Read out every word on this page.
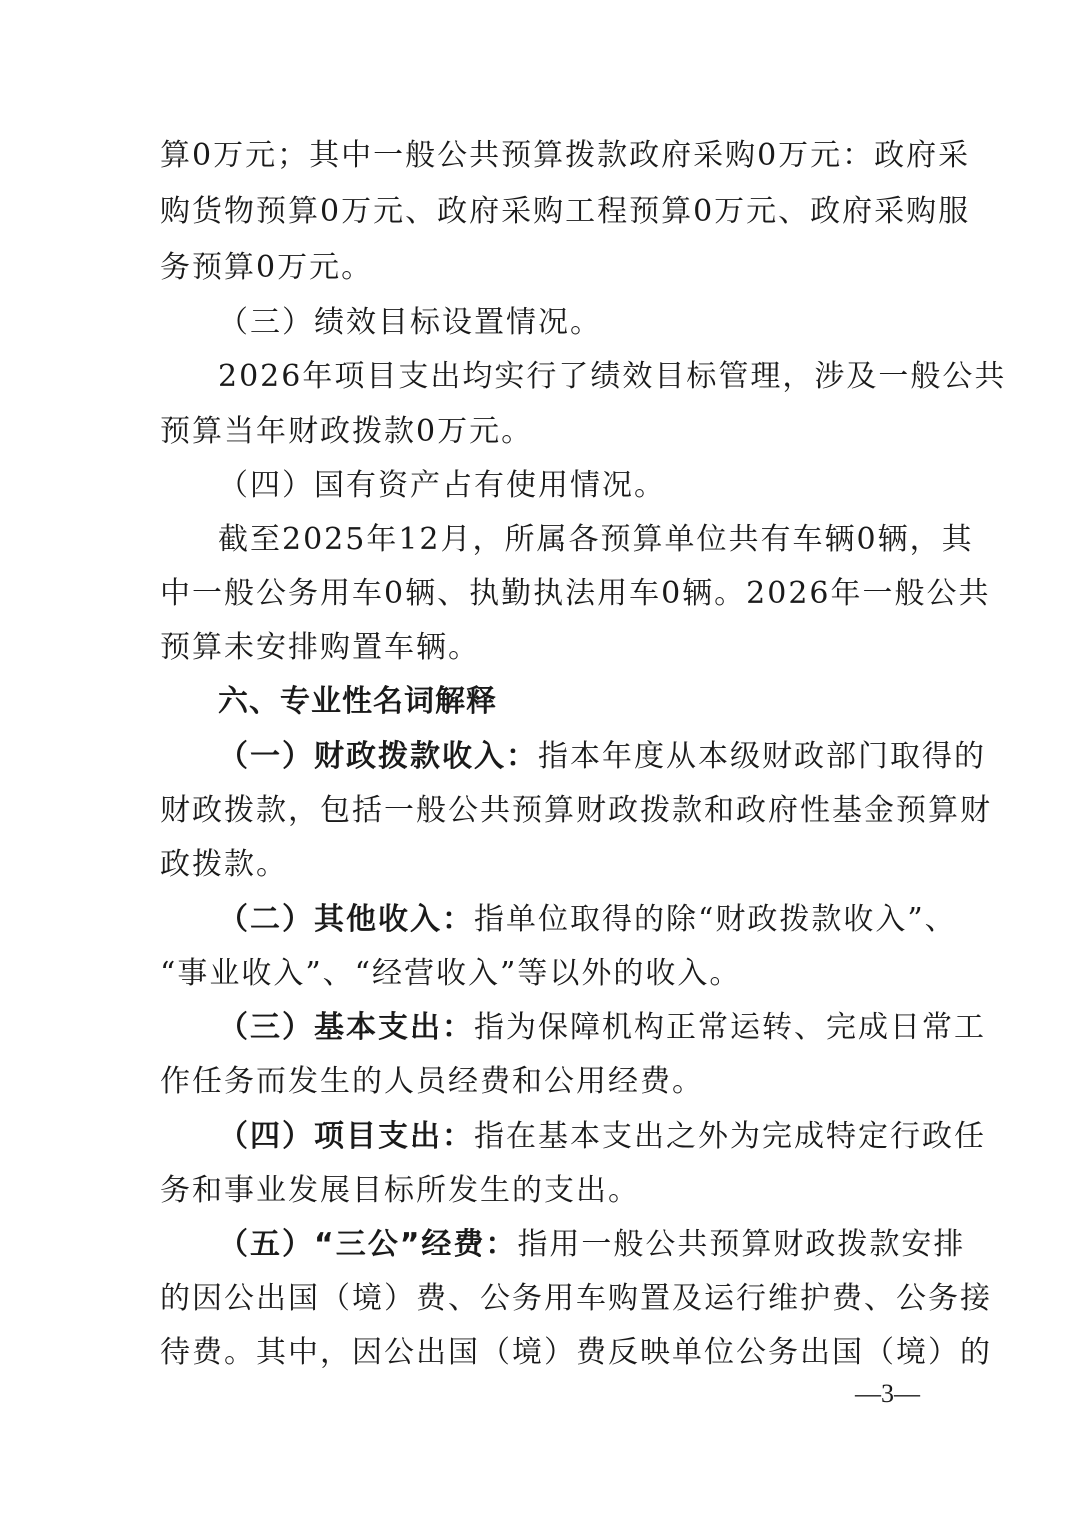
算0万元；其中一般公共预算拨款政府采购0万元：政府采
购货物预算0万元、政府采购工程预算0万元、政府采购服
务预算0万元。
（三）绩效目标设置情况。
2026年项目支出均实行了绩效目标管理，涉及一般公共
预算当年财政拨款0万元。
（四）国有资产占有使用情况。
截至2025年12月，所属各预算单位共有车辆0辆，其
中一般公务用车0辆、执勤执法用车0辆。2026年一般公共
预算未安排购置车辆。
六、专业性名词解释
（一）财政拨款收入：指本年度从本级财政部门取得的
财政拨款，包括一般公共预算财政拨款和政府性基金预算财
政拨款。
（二）其他收入：指单位取得的除“财政拨款收入”、
“事业收入”、“经营收入”等以外的收入。
（三）基本支出：指为保障机构正常运转、完成日常工
作任务而发生的人员经费和公用经费。
（四）项目支出：指在基本支出之外为完成特定行政任
务和事业发展目标所发生的支出。
（五）“三公”经费：指用一般公共预算财政拨款安排
的因公出国（境）费、公务用车购置及运行维护费、公务接
待费。其中，因公出国（境）费反映单位公务出国（境）的
—3—
